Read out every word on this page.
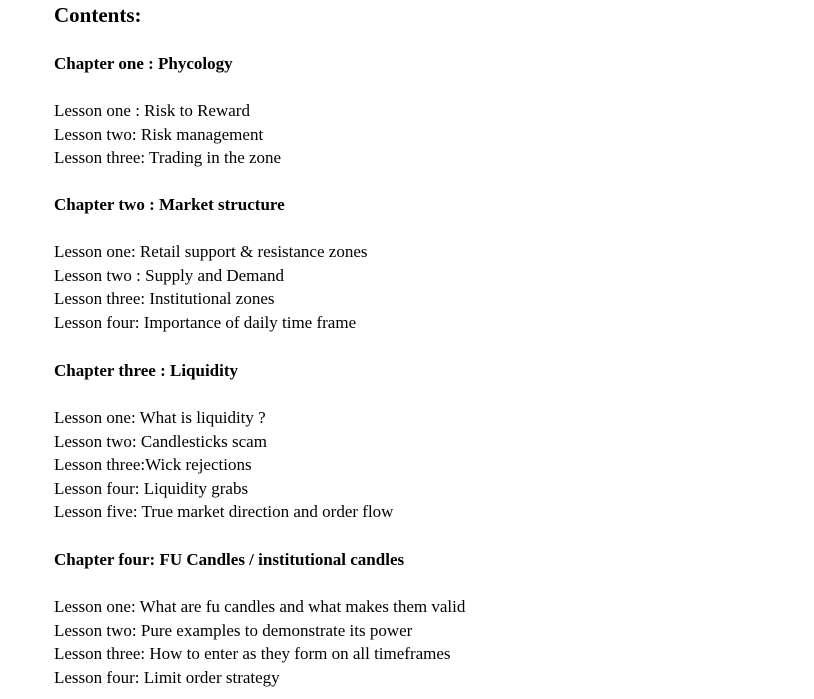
Contents:
Chapter one : Phycology
Lesson one : Risk to Reward
Lesson two: Risk management
Lesson three: Trading in the zone
Chapter two : Market structure
Lesson one: Retail support & resistance zones
Lesson two : Supply and Demand
Lesson three: Institutional zones
Lesson four: Importance of daily time frame
Chapter three : Liquidity
Lesson one: What is liquidity ?
Lesson two: Candlesticks scam
Lesson three:Wick rejections
Lesson four: Liquidity grabs
Lesson five: True market direction and order flow
Chapter four: FU Candles / institutional candles
Lesson one: What are fu candles and what makes them valid
Lesson two: Pure examples to demonstrate its power
Lesson three: How to enter as they form on all timeframes
Lesson four: Limit order strategy
